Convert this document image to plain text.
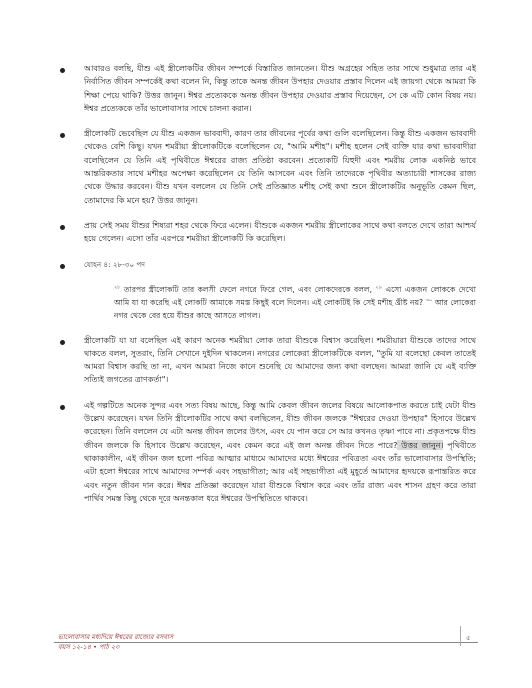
আবারও বলছি, যীশু এই স্ত্রীলোকটির জীবন সম্পর্কে বিস্তারিত জানতেন। যীশু অগ্রহের সহিত তার সাথে শুধুমাত্র তার এই নির্বাসিত জীবন সম্পর্কেই কথা বলেন নি, কিন্তু তাকে অনন্ত জীবন উপহার দেওয়ার প্রস্তাব দিলেন এই জায়গা থেকে আমরা কি শিক্ষা পেয়ে থাকি? উত্তর জানুন। ঈশ্বর প্রত্যেককে অনন্ত জীবন উপহার দেওয়ার প্রস্তাব দিয়েছেন, সে কে এটি কোন বিষয় নয়। ঈশ্বর প্রত্যেককে তাঁর ভালোবাসার সাথে চালনা করান।

স্ত্রীলোকটি ভেবেছিল যে যীশু একজন ভাববাদী, কারণ তার জীবনের পূর্বের কথা গুলি বলেছিলেন। কিন্তু যীশু একজন ভাববাদী থেকেও বেশি কিছু। যখন শমরীয়া স্ত্রীলোকটিকে বলেছিলেন যে, "আমি মশীহ"। মশীহ হলেন সেই ব্যক্তি যার কথা ভাববাদীরা বলেছিলেন যে তিনি এই পৃথিবীতে ঈশ্বরের রাজ্য প্রতিষ্ঠা করবেন। প্রত্যেকটি যিহুদী এবং শমরীয় লোক একনিষ্ঠ ভাবে আন্তরিকতার সাথে মশীহর অপেক্ষা করেছিলেন যে তিনি আসবেন এবং তিনি তাদেরকে পৃথিবীর অত্যাচারী শাসকের রাজ্য থেকে উদ্ধার করবেন। যীশু যখন বললেন যে তিনি সেই প্রতিজ্ঞাত মশীহ সেই কথা শুনে স্ত্রীলোকটির অনুভূতি কেমন ছিল, তোমাদের কি মনে হয়? উত্তর জানুন।

প্রায় সেই সময় যীশুর শিষ্যরা শহর থেকে ফিরে এলেন। যীশুকে একজন শমরীয় স্ত্রীলোকের সাথে কথা বলতে দেখে তারা আশ্চর্য হয়ে গেলেন। এসো তাঁর এরপরে শমরীয়া স্ত্রীলোকটি কি করেছিল।

যোহন ৪: ২৮-৩০ পদ

$^{২৮}$ তারপর স্ত্রীলোকটি তার কলসী ফেলে নগরে ফিরে গেল, এবং লোকদেরকে বলল, $^{২৯}$ এসো একজন লোককে দেখো আমি যা যা করেছি এই লোকটি আমাকে সমস্ত কিছুই বলে দিলেন। এই লোকটিই কি সেই মশীহ খ্রীষ্ট নয়? $^{৩০}$ আর লোকেরা নগর থেকে বের হয়ে যীশুর কাছে আসতে লাগল।

স্ত্রীলোকটি যা যা বলেছিল এই কারণ অনেক শমরীয়া লোক তারা যীশুকে বিশ্বাস করেছিল। শমরীয়ারা যীশুকে তাদের সাথে থাকতে বলল, সুতরাং, তিনি সেখানে দুইদিন থাকলেন। নগরের লোকেরা স্ত্রীলোকটিকে বলল, "তুমি যা বলেছো কেবল তাতেই আমরা বিশ্বাস করছি তা না, এখন আমরা নিজে কানে শুনেছি যে আমাদের জন্য কথা বলছেন। আমরা জানি যে এই ব্যক্তি সত্যিই জগতের ত্রাণকর্তা"।

এই গল্পটিতে অনেক সুন্দর এবং সত্য বিষয় আছে, কিন্তু আমি কেবল জীবন জলের বিষয়ে আলোকপাত করতে চাই যেটা যীশু উল্লেখ করেছেন। যখন তিনি স্ত্রীলোকটির সাথে কথা বলছিলেন, যীশু জীবন জলকে "ঈশ্বরের দেওয়া উপহার" হিসাবে উল্লেখ করেছেন। তিনি বললেন যে এটা অনন্ত জীবন জলের উৎস, এবং যে পান করে সে আর কখনও তৃষ্ণা পাবে না। প্রকৃতপক্ষে যীশু জীবন জলকে কি হিসাবে উল্লেখ করেছেন, এবং কেমন করে এই জল অনন্ত জীবন দিতে পারে? উত্তর জানুন। পৃথিবীতে থাকাকালীন, এই জীবন জল হলো পবিত্র আত্মার মাধ্যমে আমাদের মধ্যে ঈশ্বরের পবিত্রতা এবং তাঁর ভালোবাসার উপস্থিতি; এটা হলো ঈশ্বরের সাথে আমাদের সম্পর্ক এবং সহভাগীতা; আর এই সহভাগীতা এই মুহূর্তে আমাদের হৃদয়কে রূপান্তরিত করে এবং নতুন জীবন দান করে। ঈশ্বর প্রতিজ্ঞা করেছেন যারা যীশুকে বিশ্বাস করে এবং তাঁর রাজ্য এবং শাসন গ্রহণ করে তারা পার্থিব সমস্ত কিছু থেকে দূরে অনন্তকাল ধরে ঈশ্বরের উপস্থিতিতে থাকবে।

ভালোবাসার মধ্যদিয়ে ঈশ্বরের রাজ্যের বসবাস
বয়স ১২-১৪ • পাঠ ২৩
৫
